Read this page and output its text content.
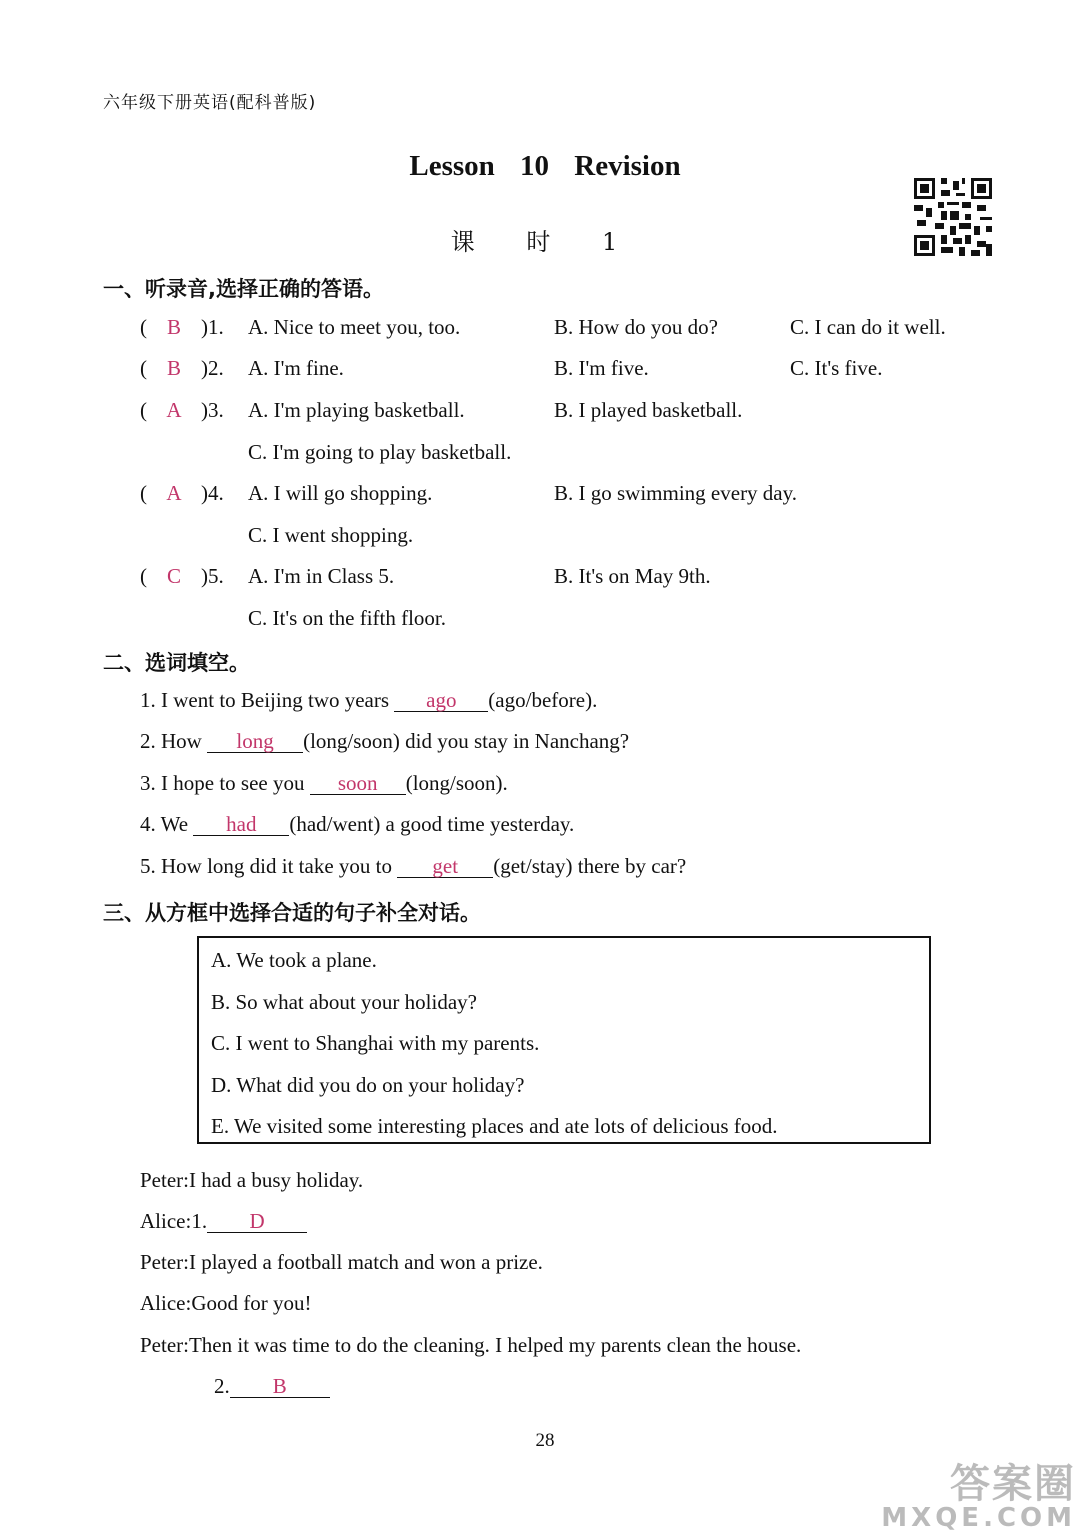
六年级下册英语(配科普版)
Lesson 10 Revision
课 时 1
一、听录音,选择正确的答语。
( B )1. A. Nice to meet you, too.	B. How do you do?	C. I can do it well.
( B )2. A. I'm fine.	B. I'm five.	C. It's five.
( A )3. A. I'm playing basketball.	B. I played basketball.
C. I'm going to play basketball.
( A )4. A. I will go shopping.	B. I go swimming every day.
C. I went shopping.
( C )5. A. I'm in Class 5.	B. It's on May 9th.
C. It's on the fifth floor.
二、选词填空。
1. I went to Beijing two years ago (ago/before).
2. How long (long/soon) did you stay in Nanchang?
3. I hope to see you soon (long/soon).
4. We had (had/went) a good time yesterday.
5. How long did it take you to get (get/stay) there by car?
三、从方框中选择合适的句子补全对话。
A. We took a plane.
B. So what about your holiday?
C. I went to Shanghai with my parents.
D. What did you do on your holiday?
E. We visited some interesting places and ate lots of delicious food.
Peter:I had a busy holiday.
Alice:1. D
Peter:I played a football match and won a prize.
Alice:Good for you!
Peter:Then it was time to do the cleaning. I helped my parents clean the house.
2. B
28
答案圈
MXQE.COM
